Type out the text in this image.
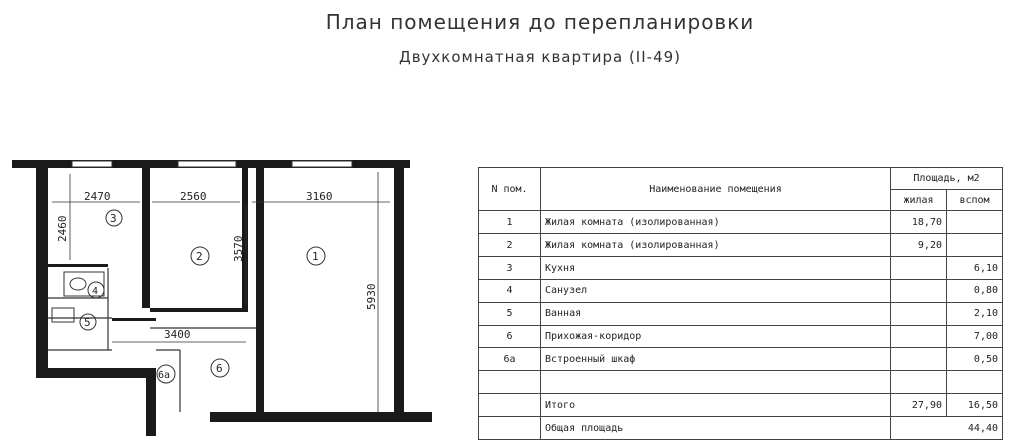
План помещения до перепланировки
Двухкомнатная квартира (II-49)
2470	2560	3160
2460
3570
5930
3400
1
2
3
4
5
6
6а
N пом.	Наименование помещения	Площадь, м2	
		жилая	вспом
1	Жилая комната (изолированная)	18,70	
2	Жилая комната (изолированная)	9,20	
3	Кухня		6,10
4	Санузел		0,80
5	Ванная		2,10
6	Прихожая-коридор		7,00
6а	Встроенный шкаф		0,50

	Итого	27,90	16,50
	Общая площадь	44,40	
